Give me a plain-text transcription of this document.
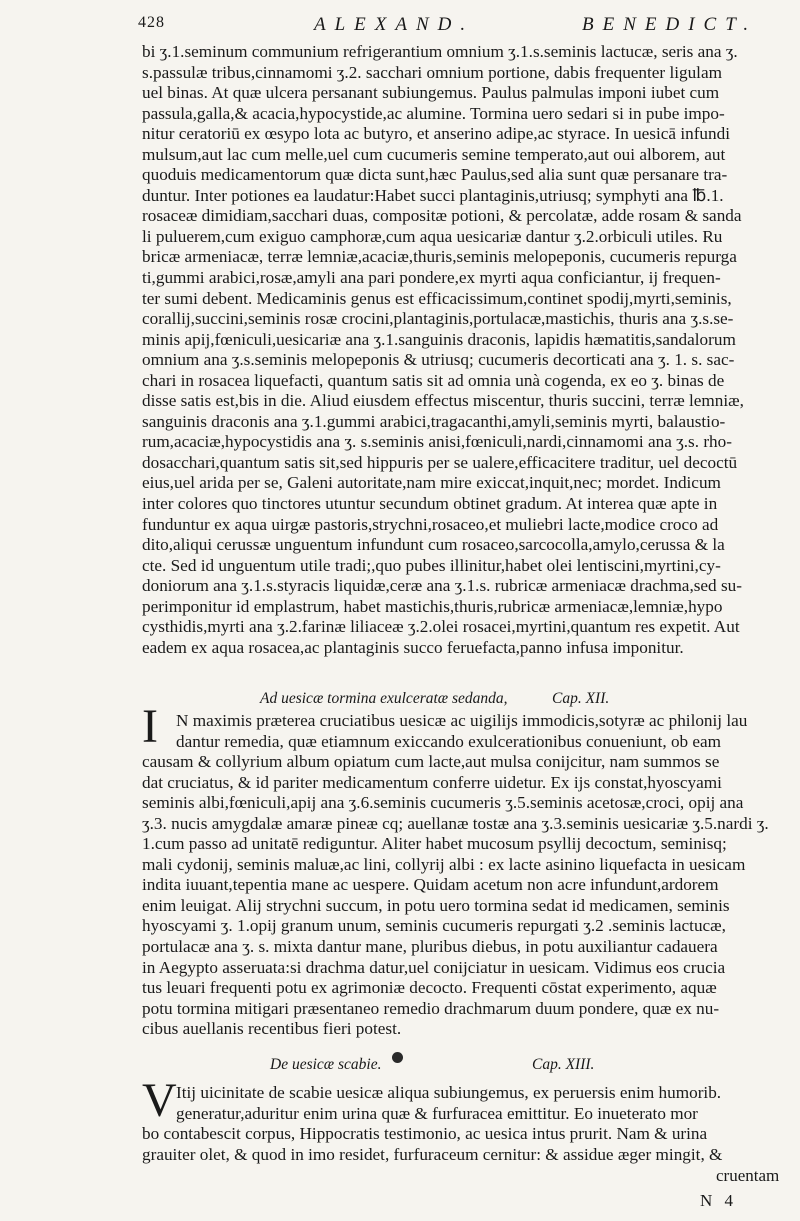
428	ALEXAND.	BENEDICT.
bi ʒ.1.seminum communium refrigerantium omnium ʒ.1.s.seminis lactucæ, seris ana ʒ.
s.passulæ tribus,cinnamomi ʒ.2. sacchari omnium portione, dabis frequenter ligulam
uel binas. At quæ ulcera persanant subiungemus. Paulus palmulas imponi iubet cum
passula,galla,& acacia,hypocystide,ac alumine. Tormina uero sedari si in pube impo-
nitur ceratoriū ex œsypo lota ac butyro, et anserino adipe,ac styrace. In uesicā infundi
mulsum,aut lac cum melle,uel cum cucumeris semine temperato,aut oui alborem, aut
quoduis medicamentorum quæ dicta sunt,hæc Paulus,sed alia sunt quæ persanare tra-
duntur. Inter potiones ea laudatur:Habet succi plantaginis,utriusq; symphyti ana ℔.1.
rosaceæ dimidiam,sacchari duas, compositæ potioni, & percolatæ, adde rosam & sanda
li puluerem,cum exiguo camphoræ,cum aqua uesicariæ dantur ʒ.2.orbiculi utiles. Ru
bricæ armeniacæ, terræ lemniæ,acaciæ,thuris,seminis melopeponis, cucumeris repurga
ti,gummi arabici,rosæ,amyli ana pari pondere,ex myrti aqua conficiantur, ij frequen-
ter sumi debent. Medicaminis genus est efficacissimum,continet spodij,myrti,seminis,
corallij,succini,seminis rosæ crocini,plantaginis,portulacæ,mastichis, thuris ana ʒ.s.se-
minis apij,fœniculi,uesicariæ ana ʒ.1.sanguinis draconis, lapidis hæmatitis,sandalorum
omnium ana ʒ.s.seminis melopeponis & utriusq; cucumeris decorticati ana ʒ. 1. s. sac-
chari in rosacea liquefacti, quantum satis sit ad omnia unà cogenda, ex eo ʒ. binas de
disse satis est,bis in die. Aliud eiusdem effectus miscentur, thuris succini, terræ lemniæ,
sanguinis draconis ana ʒ.1.gummi arabici,tragacanthi,amyli,seminis myrti, balaustio-
rum,acaciæ,hypocystidis ana ʒ. s.seminis anisi,fœniculi,nardi,cinnamomi ana ʒ.s. rho-
dosacchari,quantum satis sit,sed hippuris per se ualere,efficacitere traditur, uel decoctū
eius,uel arida per se, Galeni autoritate,nam mire exiccat,inquit,nec; mordet. Indicum
inter colores quo tinctores utuntur secundum obtinet gradum. At interea quæ apte in
funduntur ex aqua uirgæ pastoris,strychni,rosaceo,et muliebri lacte,modice croco ad
dito,aliqui cerussæ unguentum infundunt cum rosaceo,sarcocolla,amylo,cerussa & la
cte. Sed id unguentum utile tradi;,quo pubes illinitur,habet olei lentiscini,myrtini,cy-
doniorum ana ʒ.1.s.styracis liquidæ,ceræ ana ʒ.1.s. rubricæ armeniacæ drachma,sed su-
perimponitur id emplastrum, habet mastichis,thuris,rubricæ armeniacæ,lemniæ,hypo
cysthidis,myrti ana ʒ.2.farinæ liliaceæ ʒ.2.olei rosacei,myrtini,quantum res expetit. Aut
eadem ex aqua rosacea,ac plantaginis succo feruefacta,panno infusa imponitur.
Ad uesicæ tormina exulceratæ sedanda,	Cap. XII.
I	N maximis præterea cruciatibus uesicæ ac uigilijs immodicis,sotyræ ac philonij lau
dantur remedia, quæ etiamnum exiccando exulcerationibus conueniunt, ob eam
causam & collyrium album opiatum cum lacte,aut mulsa conijcitur, nam summos se
dat cruciatus, & id pariter medicamentum conferre uidetur. Ex ijs constat,hyoscyami
seminis albi,fœniculi,apij ana ʒ.6.seminis cucumeris ʒ.5.seminis acetosæ,croci, opij ana
ʒ.3. nucis amygdalæ amaræ pineæ cq; auellanæ tostæ ana ʒ.3.seminis uesicariæ ʒ.5.nardi ʒ.
1.cum passo ad unitatē rediguntur. Aliter habet mucosum psyllij decoctum, seminisq;
mali cydonij, seminis maluæ,ac lini, collyrij albi : ex lacte asinino liquefacta in uesicam
indita iuuant,tepentia mane ac uespere. Quidam acetum non acre infundunt,ardorem
enim leuigat. Alij strychni succum, in potu uero tormina sedat id medicamen, seminis
hyoscyami ʒ. 1.opij granum unum, seminis cucumeris repurgati ʒ.2 .seminis lactucæ,
portulacæ ana ʒ. s. mixta dantur mane, pluribus diebus, in potu auxiliantur cadauera
in Aegypto asseruata:si drachma datur,uel conijciatur in uesicam. Vidimus eos crucia
tus leuari frequenti potu ex agrimoniæ decocto. Frequenti cōstat experimento, aquæ
potu tormina mitigari præsentaneo remedio drachmarum duum pondere, quæ ex nu-
cibus auellanis recentibus fieri potest.
De uesicæ scabie.	Cap. XIII.
V Itij uicinitate de scabie uesicæ aliqua subiungemus, ex peruersis enim humorib.
generatur,aduritur enim urina quæ & furfuracea emittitur. Eo inueterato mor
bo contabescit corpus, Hippocratis testimonio, ac uesica intus prurit. Nam & urina
grauiter olet, & quod in imo residet, furfuraceum cernitur: & assidue æger mingit, &
cruentam
N 4
